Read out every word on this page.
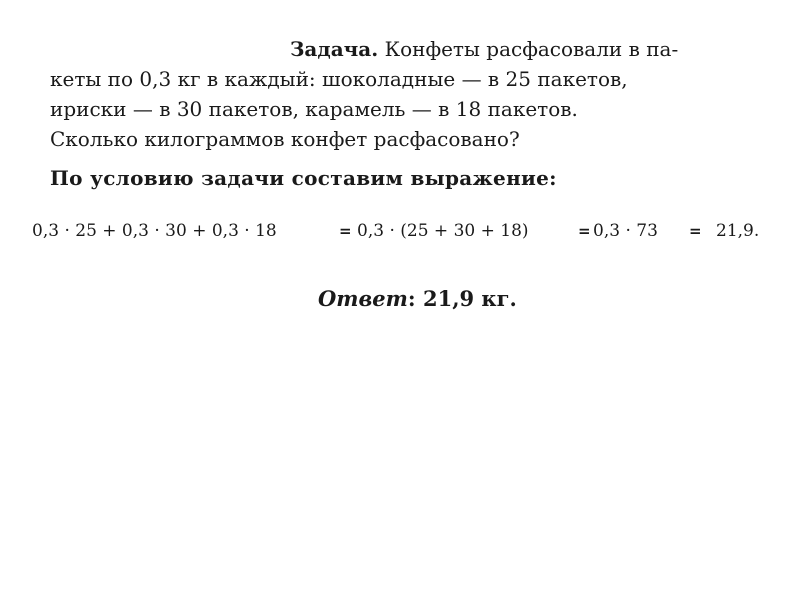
Задача. Конфеты расфасовали в па-
кеты по 0,3 кг в каждый: шоколадные — в 25 пакетов,
ириски — в 30 пакетов, карамель — в 18 пакетов.
Сколько килограммов конфет расфасовано?
По условию задачи составим выражение:
0,3 · 25 + 0,3 · 30 + 0,3 · 18	= 0,3 · (25 + 30 + 18)	= 0,3 · 73 = 21,9.
Ответ: 21,9 кг.
